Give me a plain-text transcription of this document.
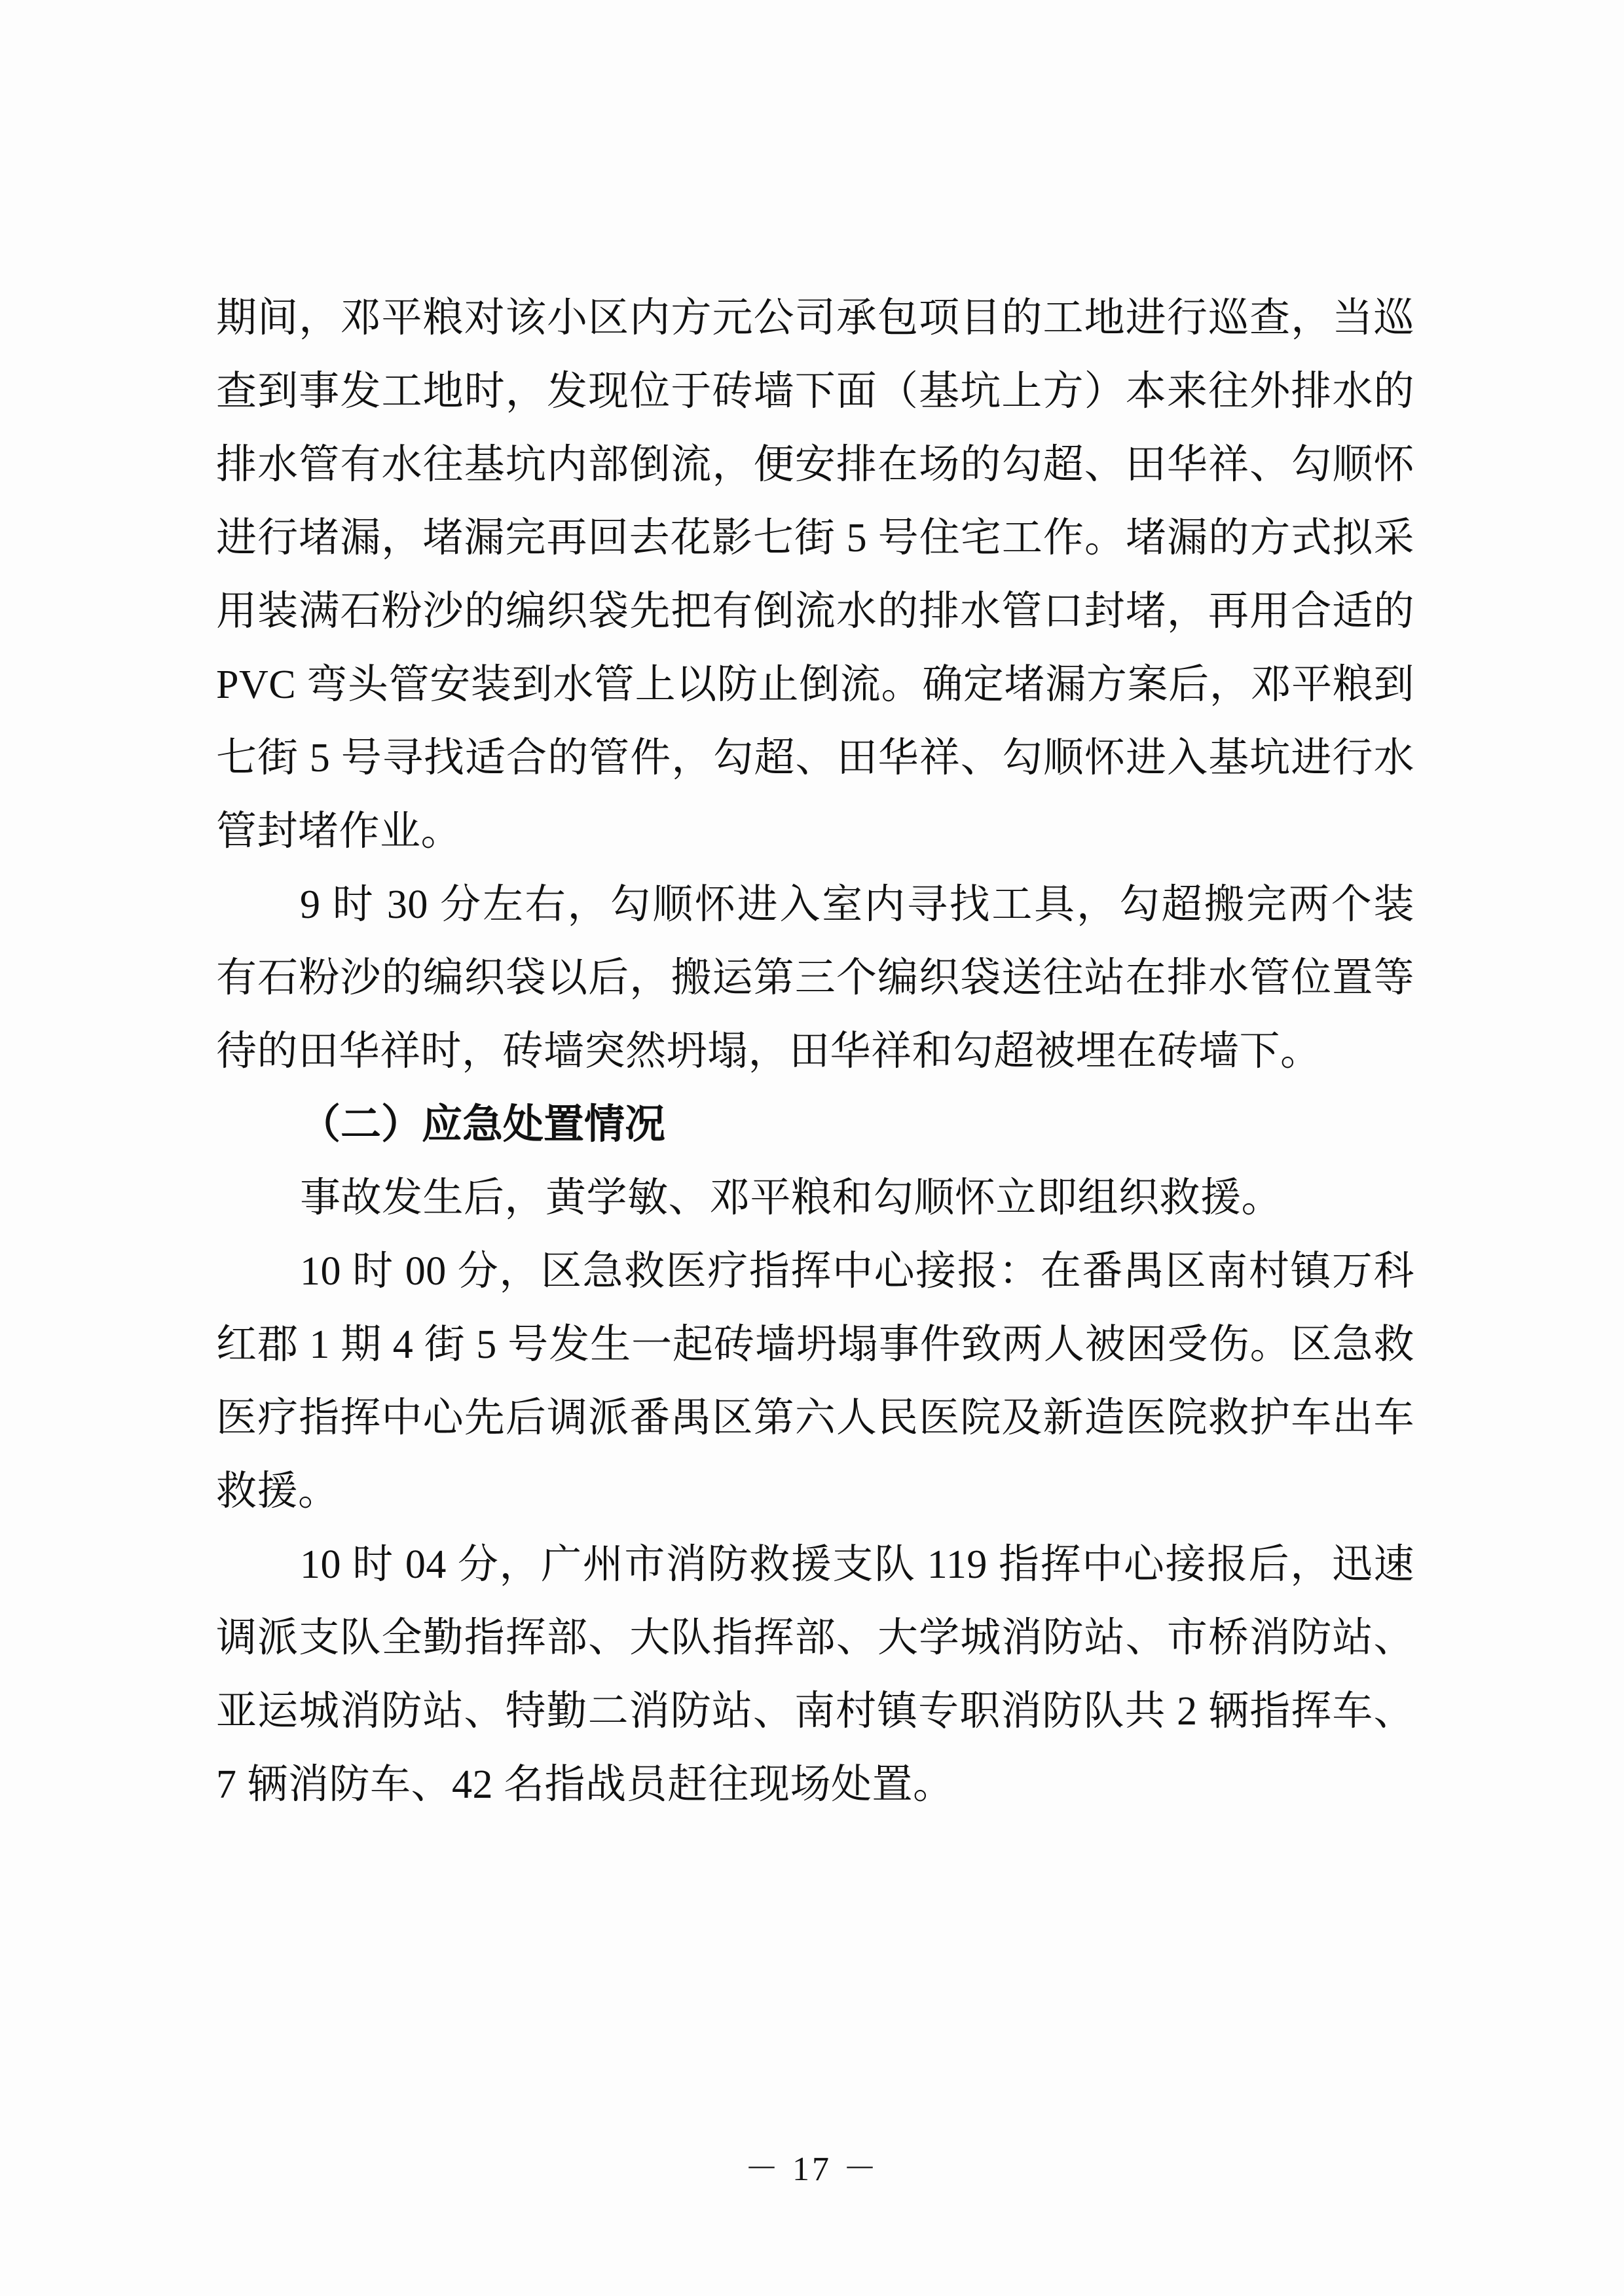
期间，邓平粮对该小区内方元公司承包项目的工地进行巡查，当巡查到事发工地时，发现位于砖墙下面（基坑上方）本来往外排水的排水管有水往基坑内部倒流，便安排在场的勾超、田华祥、勾顺怀进行堵漏，堵漏完再回去花影七街 5 号住宅工作。堵漏的方式拟采用装满石粉沙的编织袋先把有倒流水的排水管口封堵，再用合适的 PVC 弯头管安装到水管上以防止倒流。确定堵漏方案后，邓平粮到七街 5 号寻找适合的管件，勾超、田华祥、勾顺怀进入基坑进行水管封堵作业。

9 时 30 分左右，勾顺怀进入室内寻找工具，勾超搬完两个装有石粉沙的编织袋以后，搬运第三个编织袋送往站在排水管位置等待的田华祥时，砖墙突然坍塌，田华祥和勾超被埋在砖墙下。

（二）应急处置情况

事故发生后，黄学敏、邓平粮和勾顺怀立即组织救援。

10 时 00 分，区急救医疗指挥中心接报：在番禺区南村镇万科红郡 1 期 4 街 5 号发生一起砖墙坍塌事件致两人被困受伤。区急救医疗指挥中心先后调派番禺区第六人民医院及新造医院救护车出车救援。

10 时 04 分，广州市消防救援支队 119 指挥中心接报后，迅速调派支队全勤指挥部、大队指挥部、大学城消防站、市桥消防站、亚运城消防站、特勤二消防站、南村镇专职消防队共 2 辆指挥车、7 辆消防车、42 名指战员赶往现场处置。

－ 17 －
